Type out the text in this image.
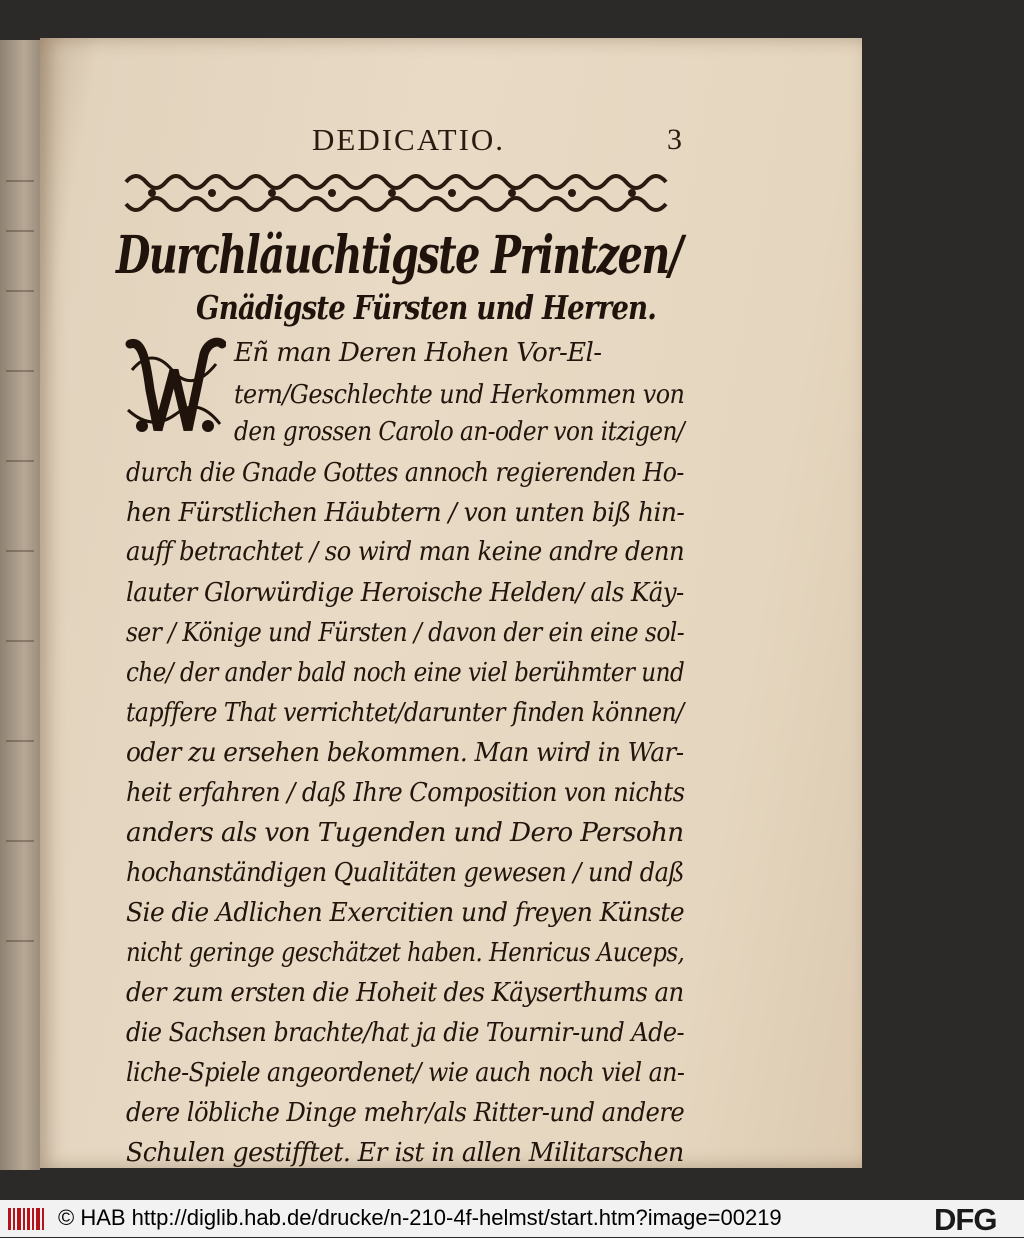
DEDICATIO.	3
Durchläuchtigste Printzen/
Gnädigste Fürsten und Herren.
Eñ man Deren Hohen Vor-El-
tern/Geschlechte und Herkommen von
den grossen Carolo an-oder von itzigen/
durch die Gnade Gottes annoch regierenden Ho-
hen Fürstlichen Häubtern / von unten biß hin-
auff betrachtet / so wird man keine andre denn
lauter Glorwürdige Heroische Helden/ als Käy-
ser / Könige und Fürsten / davon der ein eine sol-
che/ der ander bald noch eine viel berühmter und
tapffere That verrichtet/darunter finden können/
oder zu ersehen bekommen. Man wird in War-
heit erfahren / daß Ihre Composition von nichts
anders als von Tugenden und Dero Persohn
hochanständigen Qualitäten gewesen / und daß
Sie die Adlichen Exercitien und freyen Künste
nicht geringe geschätzet haben. Henricus Auceps,
der zum ersten die Hoheit des Käyserthums an
die Sachsen brachte/hat ja die Tournir-und Ade-
liche-Spiele angeordenet/ wie auch noch viel an-
dere löbliche Dinge mehr/als Ritter-und andere
Schulen gestifftet. Er ist in allen Militarschen
© HAB http://diglib.hab.de/drucke/n-210-4f-helmst/start.htm?image=00219	DFG
